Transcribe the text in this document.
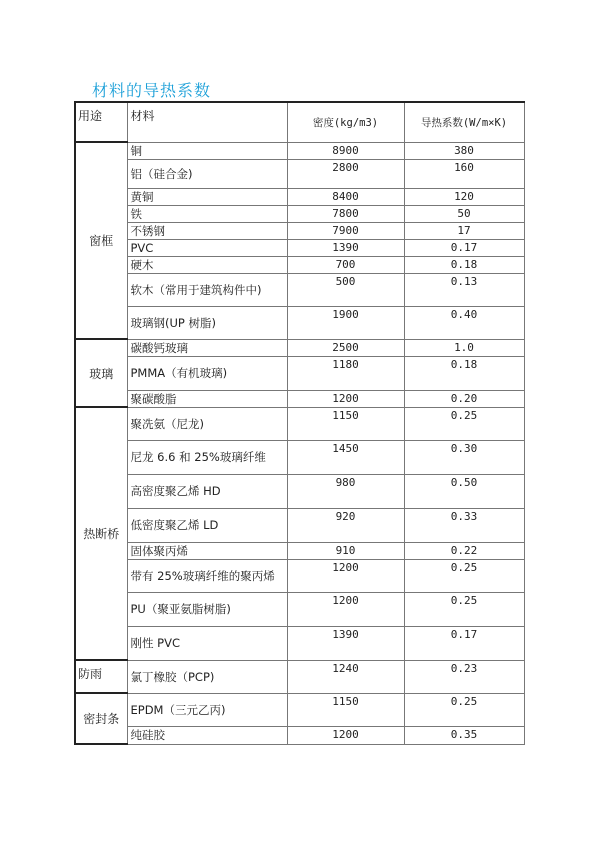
材料的导热系数
用途	材料	密度(kg/m3)	导热系数(W/m×K)
窗框	铜	8900	380
	铝（硅合金)	2800	160
	黄铜	8400	120
	铁	7800	50
	不锈钢	7900	17
	PVC	1390	0.17
	硬木	700	0.18
	软木（常用于建筑构件中)	500	0.13
	玻璃钢(UP 树脂)	1900	0.40
玻璃	碳酸钙玻璃	2500	1.0
	PMMA（有机玻璃)	1180	0.18
	聚碳酸脂	1200	0.20
热断桥	聚冼氨（尼龙)	1150	0.25
	尼龙 6.6 和 25%玻璃纤维	1450	0.30
	高密度聚乙烯 HD	980	0.50
	低密度聚乙烯 LD	920	0.33
	固体聚丙烯	910	0.22
	带有 25%玻璃纤维的聚丙烯	1200	0.25
	PU（聚亚氨脂树脂)	1200	0.25
	刚性 PVC	1390	0.17
防雨	氯丁橡胶（PCP)	1240	0.23
密封条	EPDM（三元乙丙)	1150	0.25
	纯硅胶	1200	0.35
